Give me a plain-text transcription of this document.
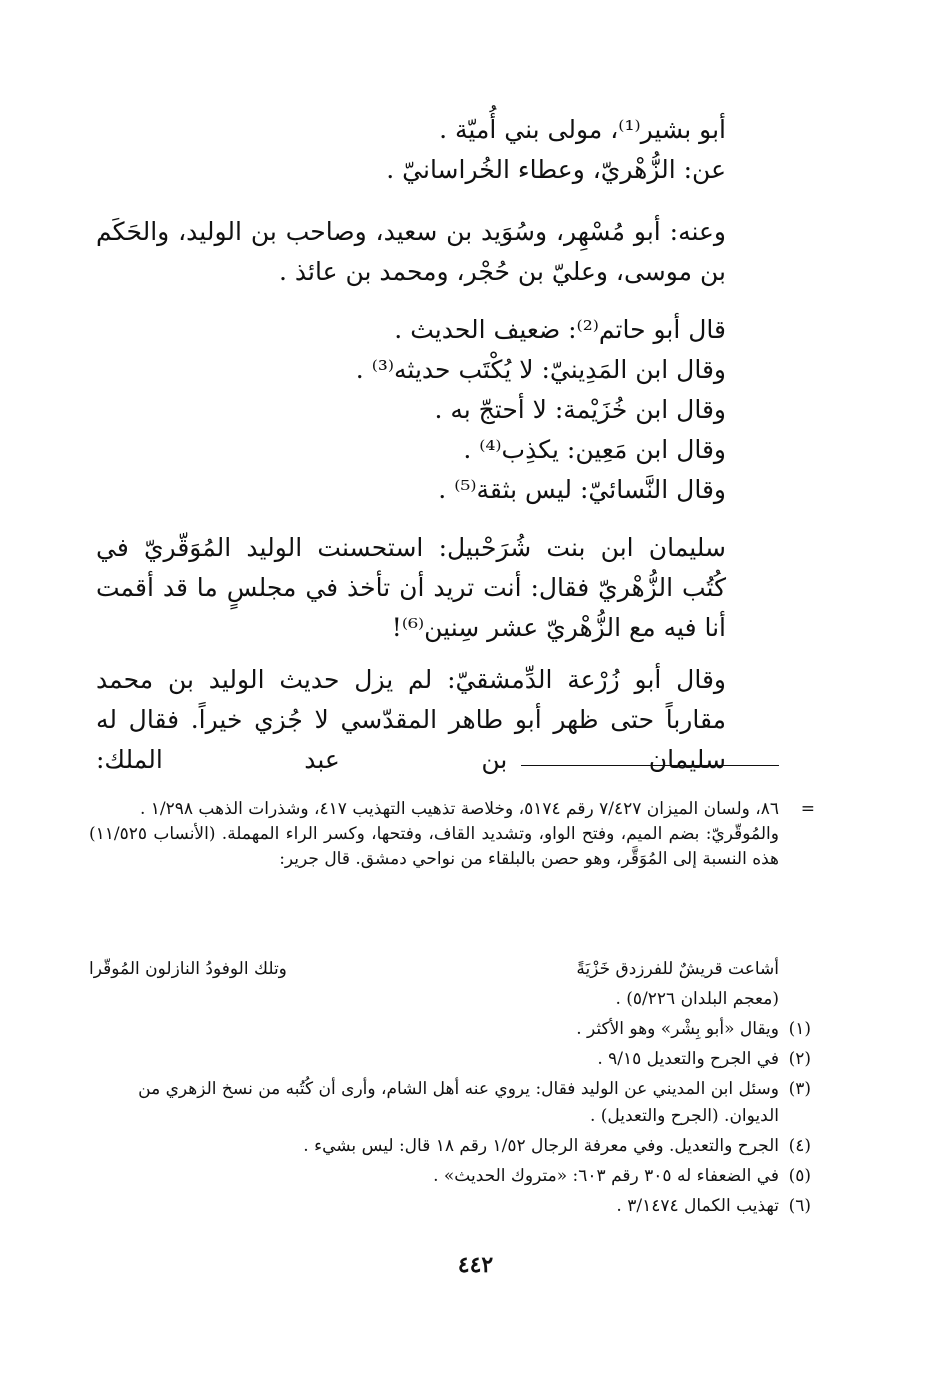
أبو بشير⁽¹⁾، مولى بني أُميّة .

عن: الزُّهْريّ، وعطاء الخُراسانيّ .

وعنه: أبو مُسْهِر، وسُوَيد بن سعيد، وصاحب بن الوليد، والحَكَم بن موسى، وعليّ بن حُجْر، ومحمد بن عائذ .

قال أبو حاتم⁽²⁾: ضعيف الحديث .

وقال ابن المَدِينيّ: لا يُكْتَب حديثه⁽³⁾ .

وقال ابن خُزَيْمة: لا أحتجّ به .

وقال ابن مَعِين: يكذِب⁽⁴⁾ .

وقال النَّسائيّ: ليس بثقة⁽⁵⁾ .

سليمان ابن بنت شُرَحْبيل: استحسنت الوليد المُوَقّريّ في كُتُب الزُّهْريّ فقال: أنت تريد أن تأخذ في مجلسٍ ما قد أقمت أنا فيه مع الزُّهْريّ عشر سِنين⁽⁶⁾!

وقال أبو زُرْعة الدِّمشقيّ: لم يزل حديث الوليد بن محمد مقارباً حتى ظهر أبو طاهر المقدّسي لا جُزي خيراً. فقال له سليمان بن عبد الملك:

=

٨٦، ولسان الميزان ٧/٤٢٧ رقم ٥١٧٤، وخلاصة تذهيب التهذيب ٤١٧، وشذرات الذهب ١/٢٩٨ .

والمُوقّريّ: بضم الميم، وفتح الواو، وتشديد القاف، وفتحها، وكسر الراء المهملة. (الأنساب ١١/٥٢٥) هذه النسبة إلى المُوَقَّر، وهو حصن بالبلقاء من نواحي دمشق. قال جرير:

أشاعت قريشٌ للفرزدق خَزْيَةً
وتلك الوفودُ النازلون المُوقّرا
(معجم البلدان ٥/٢٢٦) .
(١)
ويقال «أبو بِشْر» وهو الأكثر .
(٢)
في الجرح والتعديل ٩/١٥ .
(٣)
وسئل ابن المديني عن الوليد فقال: يروي عنه أهل الشام، وأرى أن كُتُبه من نسخ الزهري من الديوان. (الجرح والتعديل) .
(٤)
الجرح والتعديل. وفي معرفة الرجال ١/٥٢ رقم ١٨ قال: ليس بشيء .
(٥)
في الضعفاء له ٣٠٥ رقم ٦٠٣: «متروك الحديث» .
(٦)
تهذيب الكمال ٣/١٤٧٤ .
٤٤٢
